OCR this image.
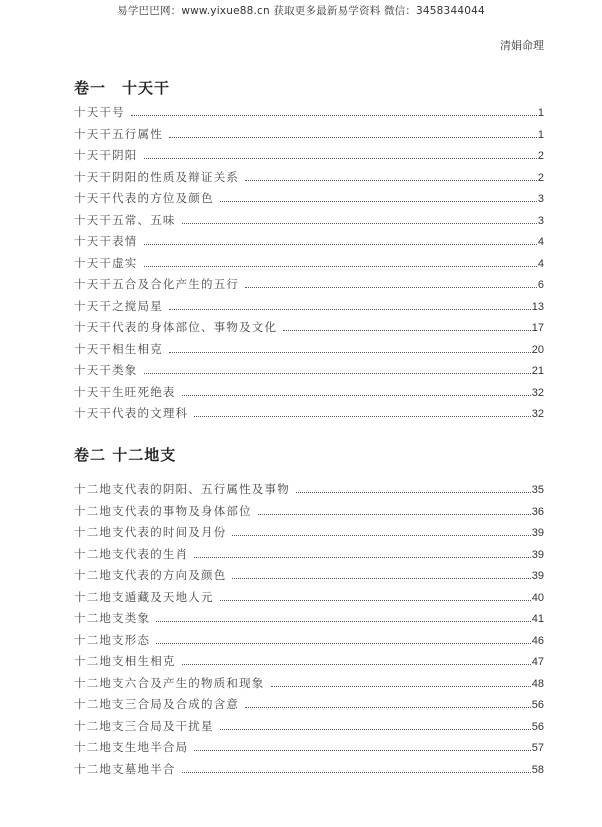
易学巴巴网：www.yixue88.cn 获取更多最新易学资料 微信：3458344044
清娟命理
卷一　十天干
十天干号	1
十天干五行属性	1
十天干阴阳	2
十天干阴阳的性质及辩证关系	2
十天干代表的方位及颜色	3
十天干五常、五味	3
十天干表情	4
十天干虚实	4
十天干五合及合化产生的五行	6
十天干之搅局星	13
十天干代表的身体部位、事物及文化	17
十天干相生相克	20
十天干类象	21
十天干生旺死绝表	32
十天干代表的文理科	32
卷二 十二地支
十二地支代表的阴阳、五行属性及事物	35
十二地支代表的事物及身体部位	36
十二地支代表的时间及月份	39
十二地支代表的生肖	39
十二地支代表的方向及颜色	39
十二地支遁藏及天地人元	40
十二地支类象	41
十二地支形态	46
十二地支相生相克	47
十二地支六合及产生的物质和现象	48
十二地支三合局及合成的含意	56
十二地支三合局及干扰星	56
十二地支生地半合局	57
十二地支墓地半合	58
